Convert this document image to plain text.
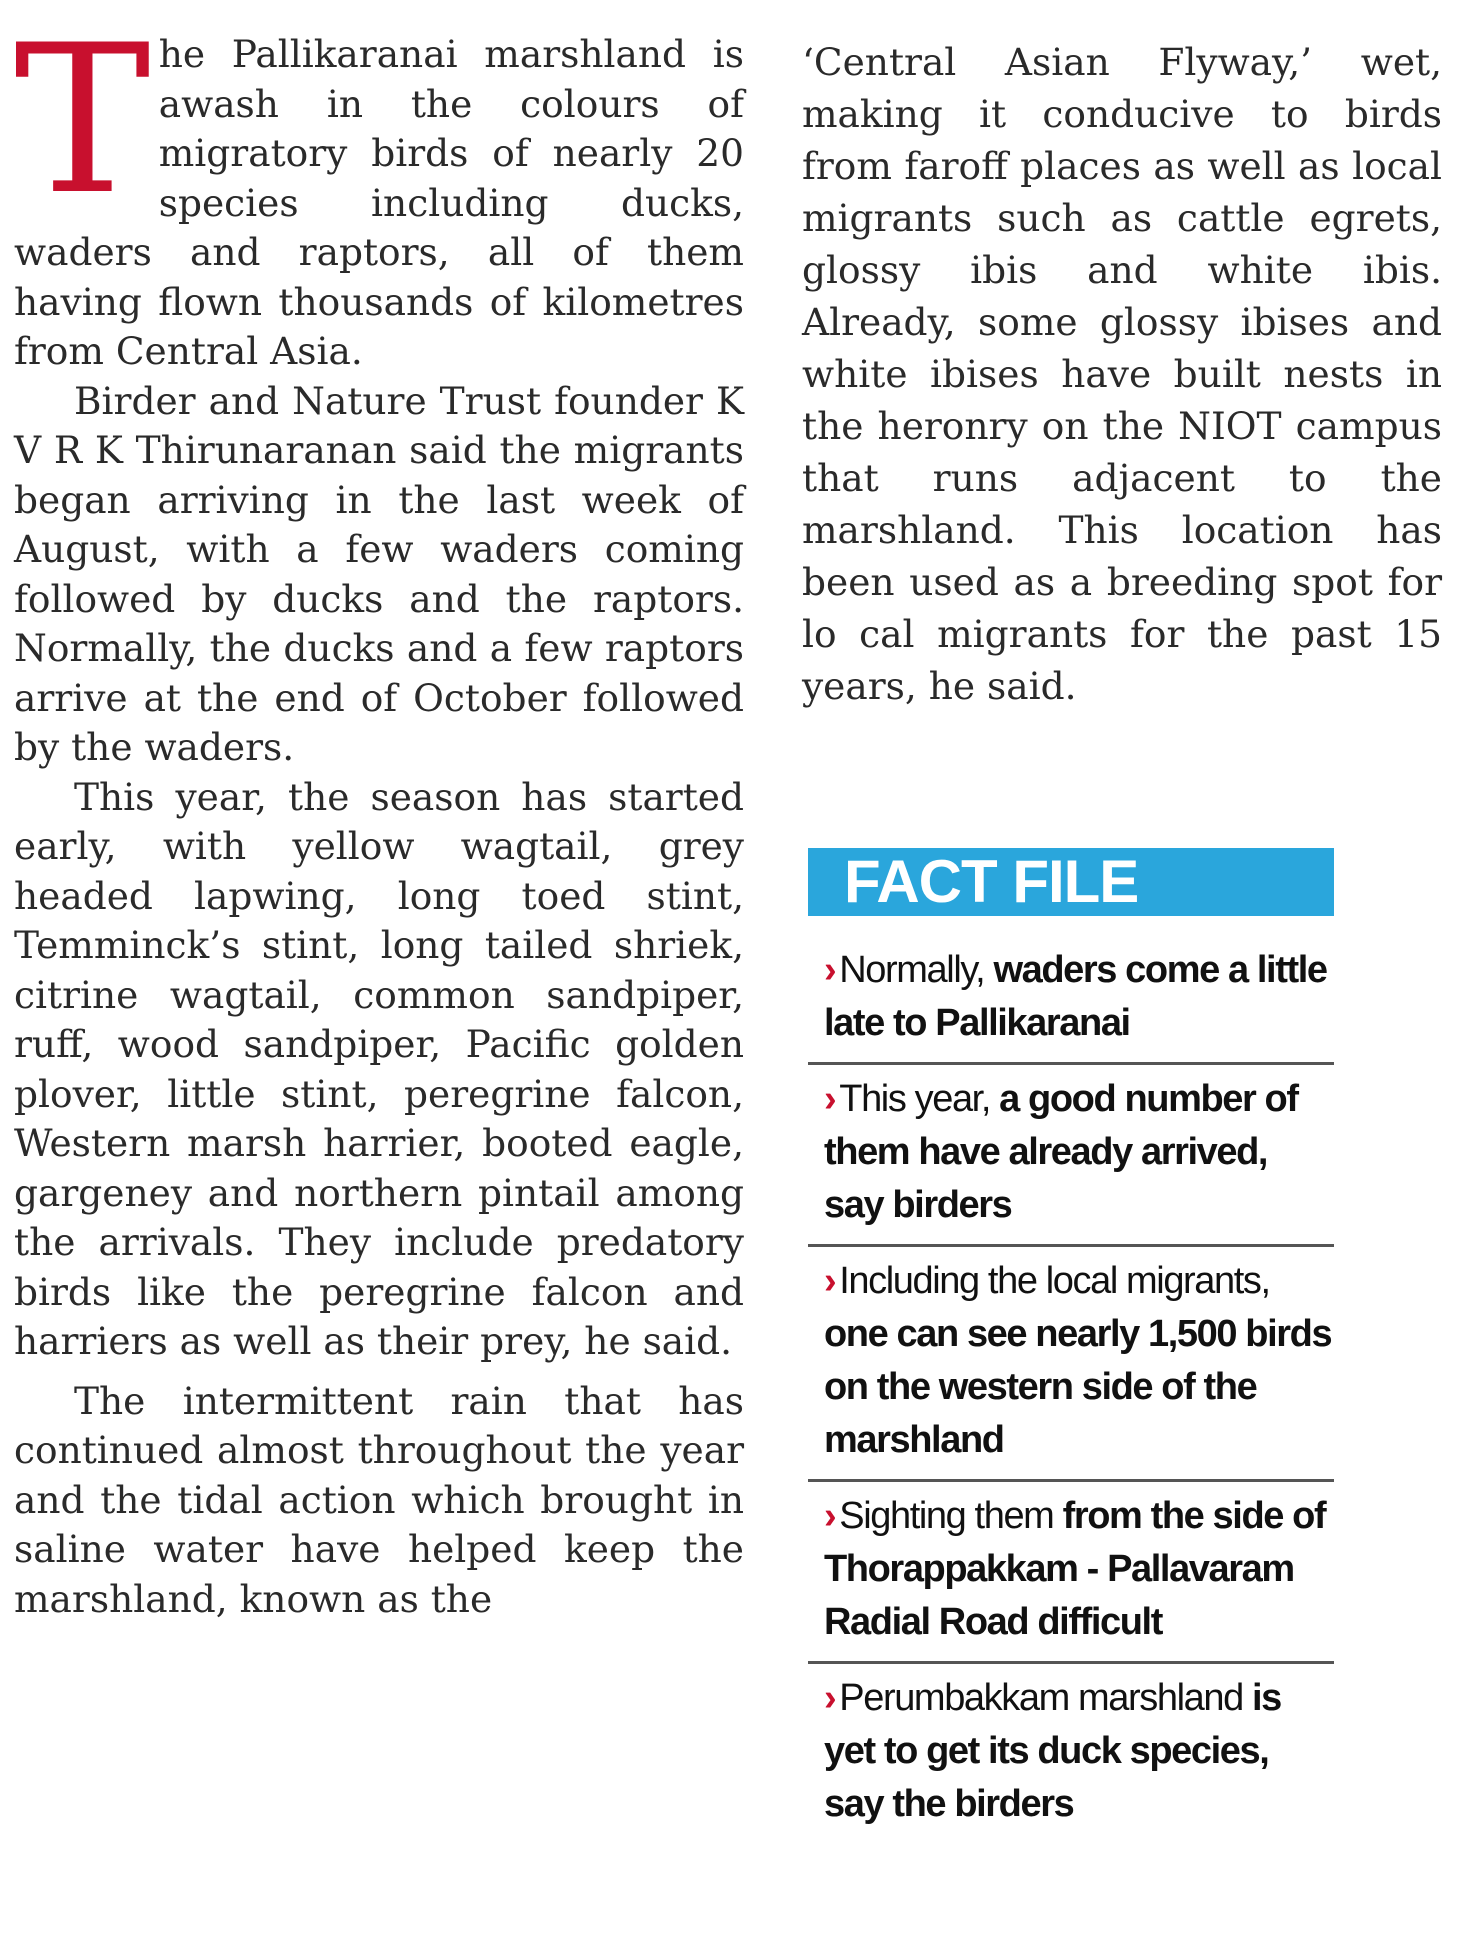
The Pallikaranai marshland is awash in the colours of migratory birds of nearly 20 species including ducks, waders and raptors, all of them having flown thousands of kilometres from Central Asia.

Birder and Nature Trust founder K V R K Thirunaranan said the migrants began arriving in the last week of August, with a few waders coming followed by ducks and the raptors. Normally, the ducks and a few raptors arrive at the end of October followed by the waders.

This year, the season has started early, with yellow wagtail, grey headed lapwing, long toed stint, Temminck’s stint, long tailed shriek, citrine wagtail, common sandpiper, ruff, wood sandpiper, Pacific golden plover, little stint, peregrine falcon, Western marsh harrier, booted eagle, gargeney and northern pintail among the arrivals. They include predatory birds like the peregrine falcon and harriers as well as their prey, he said.

The intermittent rain that has continued almost throughout the year and the tidal action which brought in saline water have helped keep the marshland, known as the

‘Central Asian Flyway,’ wet, making it conducive to birds from faroff places as well as local migrants such as cattle egrets, glossy ibis and white ibis. Already, some glossy ibises and white ibises have built nests in the heronry on the NIOT campus that runs adjacent to the marshland. This location has been used as a breeding spot for lo cal migrants for the past 15 years, he said.

FACT FILE
› Normally, waders come a little late to Pallikaranai
› This year, a good number of them have already arrived, say birders
› Including the local migrants, one can see nearly 1,500 birds on the western side of the marshland
› Sighting them from the side of Thorappakkam - Pallavaram Radial Road difficult
› Perumbakkam marshland is yet to get its duck species, say the birders
